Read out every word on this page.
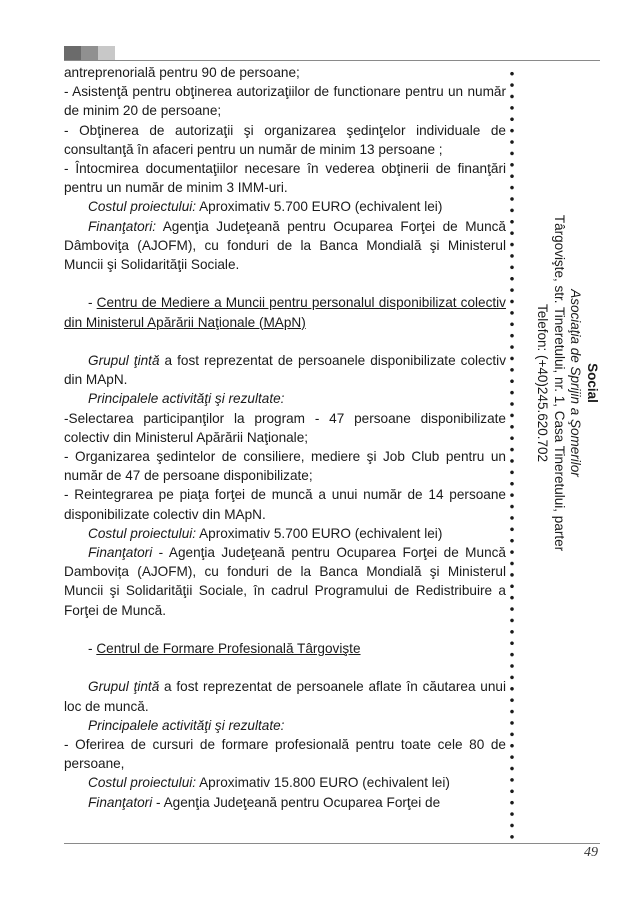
antreprenorială pentru 90 de persoane;

- Asistenţă pentru obţinerea autorizaţiilor de functionare pentru un număr de minim 20 de persoane;

- Obţinerea de autorizaţii şi organizarea şedinţelor individuale de consultanţă în afaceri pentru un număr de minim 13 persoane ;

- Întocmirea documentaţiilor necesare în vederea obţinerii de finanţări pentru un număr de minim 3 IMM-uri.

Costul proiectului: Aproximativ 5.700 EURO (echivalent lei)

Finanţatori: Agenţia Judeţeană pentru Ocuparea Forţei de Muncă Dâmboviţa (AJOFM), cu fonduri de la Banca Mondială şi Ministerul Muncii şi Solidarităţii Sociale.

- Centru de Mediere a Muncii pentru personalul disponibilizat colectiv din Ministerul Apărării Naţionale (MApN)

Grupul ţintă a fost reprezentat de persoanele disponibilizate colectiv din MApN.

Principalele activităţi şi rezultate:

-Selectarea participanţilor la program - 47 persoane disponibilizate colectiv din Ministerul Apărării Naţionale;

- Organizarea şedintelor de consiliere, mediere şi Job Club pentru un număr de 47 de persoane disponibilizate;

- Reintegrarea pe piaţa forţei de muncă a unui număr de 14 persoane disponibilizate colectiv din MApN.

Costul proiectului: Aproximativ 5.700 EURO (echivalent lei)

Finanţatori - Agenţia Judeţeană pentru Ocuparea Forţei de Muncă Dambovița (AJOFM), cu fonduri de la Banca Mondială şi Ministerul Muncii şi Solidarităţii Sociale, în cadrul Programului de Redistribuire a Forţei de Muncă.

- Centrul de Formare Profesională Târgovişte

Grupul ţintă a fost reprezentat de persoanele aflate în căutarea unui loc de muncă.

Principalele activităţi şi rezultate:

- Oferirea de cursuri de formare profesională pentru toate cele 80 de persoane,

Costul proiectului: Aproximativ 15.800 EURO (echivalent lei)

Finanţatori - Agenţia Judeţeană pentru Ocuparea Forţei de

Social
Asociaţia de Sprijin a Şomerilor
Târgovişte, str. Tineretului, nr. 1, Casa Tineretului, parter
Telefon: (+40)245.620.702
49
